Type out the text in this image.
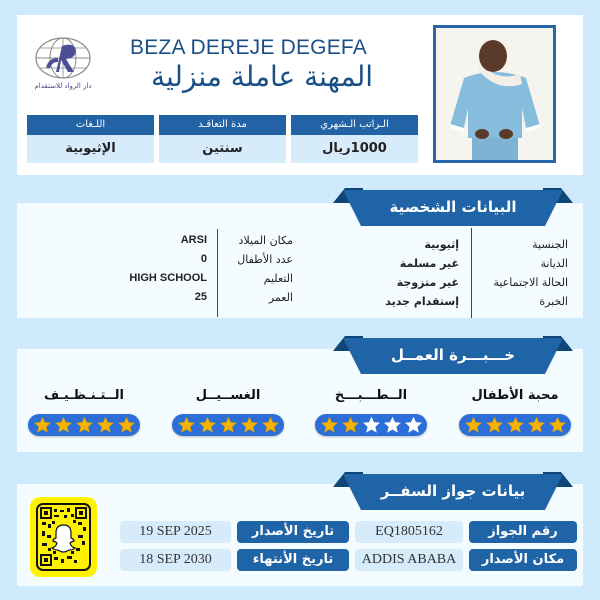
دار الرواد للاستقدام
BEZA DEREJE DEGEFA
المهنة عاملة منزلية
اللـغات
الإثيوبية
مدة التعاقـد
سنتين
الـراتب الـشهري
1000ريال
البيانات الشخصية
الجنسية
الديانة
الحالة الاجتماعية
الخبرة
إثيوبية
غير مسلمة
غير متزوجة
إستقدام جديد
مكان الميلاد
عدد الأطفال
التعليم
العمر
ARSI
0
HIGH SCHOOL
25
خـــبـــرة العمــل
محبة الأطفال
الــطـــبـــخ
الغســيــل
الــتـنـظـيـف
بيانات جواز السفــر
رقم الجواز
EQ1805162
مكان الأصدار
ADDIS ABABA
تاريخ الأصدار
19 SEP 2025
تاريخ الأنتهاء
18 SEP 2030
